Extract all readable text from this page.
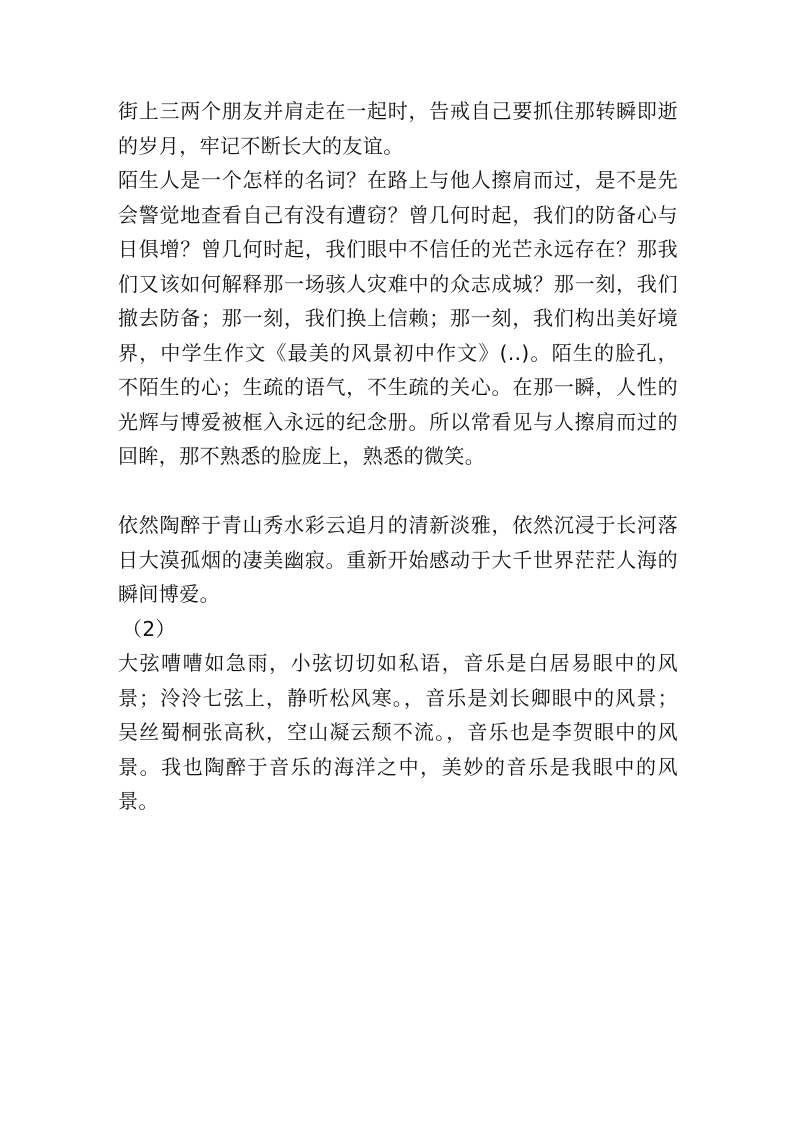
街上三两个朋友并肩走在一起时，告戒自己要抓住那转瞬即逝的岁月，牢记不断长大的友谊。

陌生人是一个怎样的名词？在路上与他人擦肩而过，是不是先会警觉地查看自己有没有遭窃？曾几何时起，我们的防备心与日俱增？曾几何时起，我们眼中不信任的光芒永远存在？那我们又该如何解释那一场骇人灾难中的众志成城？那一刻，我们撤去防备；那一刻，我们换上信赖；那一刻，我们构出美好境界，中学生作文《最美的风景初中作文》(..)。陌生的脸孔，不陌生的心；生疏的语气，不生疏的关心。在那一瞬，人性的光辉与博爱被框入永远的纪念册。所以常看见与人擦肩而过的回眸，那不熟悉的脸庞上，熟悉的微笑。

依然陶醉于青山秀水彩云追月的清新淡雅，依然沉浸于长河落日大漠孤烟的凄美幽寂。重新开始感动于大千世界茫茫人海的瞬间博爱。

（2）

大弦嘈嘈如急雨，小弦切切如私语，音乐是白居易眼中的风景；泠泠七弦上，静听松风寒。，音乐是刘长卿眼中的风景；吴丝蜀桐张高秋，空山凝云颓不流。，音乐也是李贺眼中的风景。我也陶醉于音乐的海洋之中，美妙的音乐是我眼中的风景。
